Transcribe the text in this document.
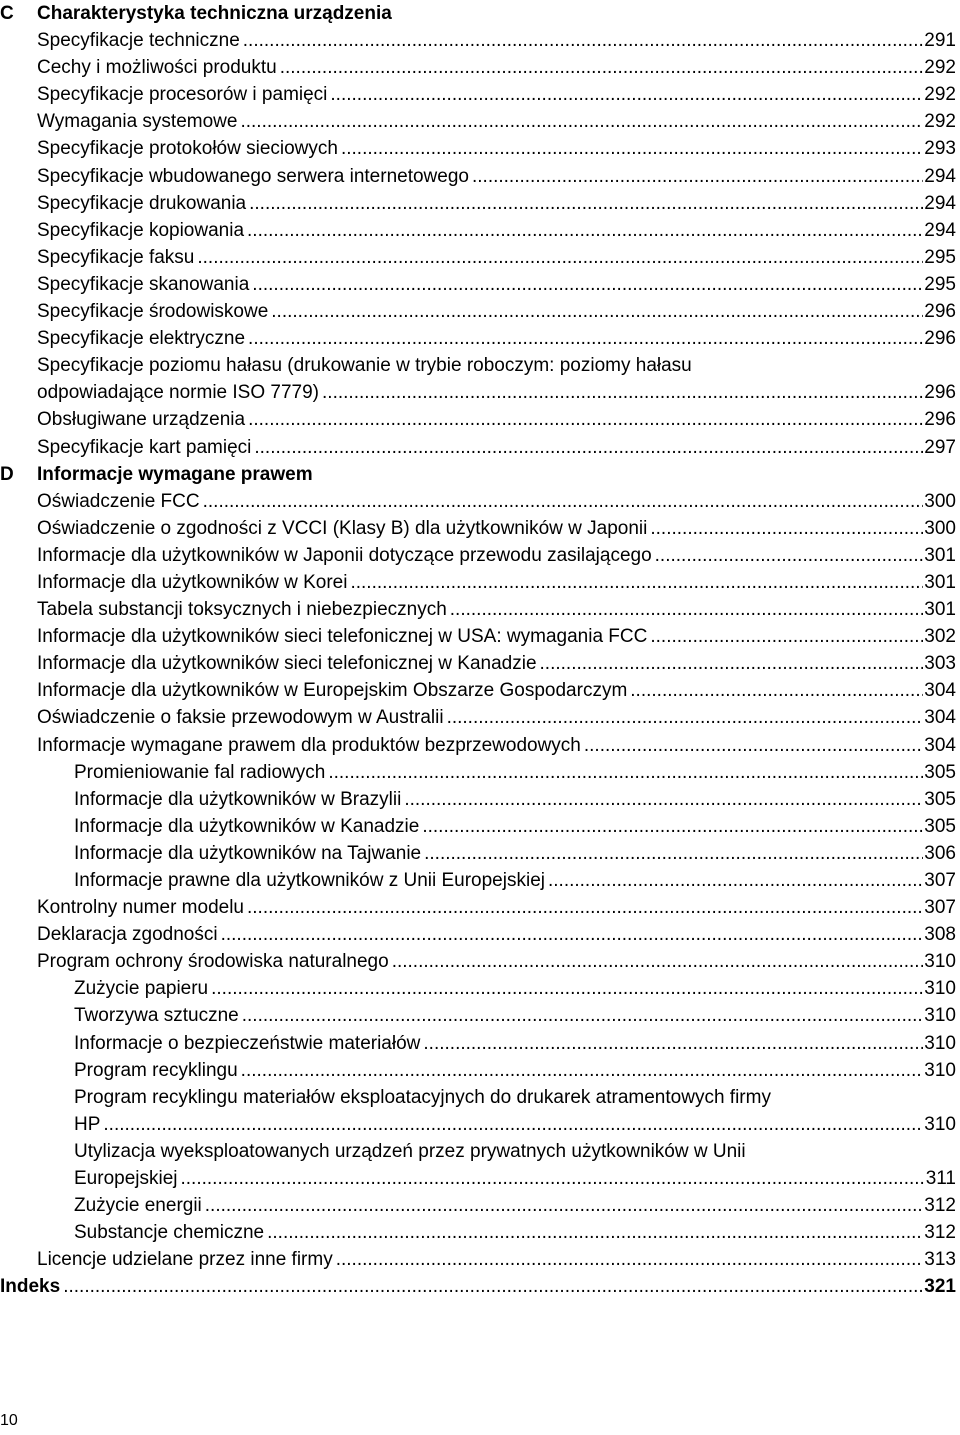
C Charakterystyka techniczna urządzenia
Specyfikacje techniczne .....	291
Cechy i możliwości produktu .....	292
Specyfikacje procesorów i pamięci .....	292
Wymagania systemowe .....	292
Specyfikacje protokołów sieciowych .....	293
Specyfikacje wbudowanego serwera internetowego .....	294
Specyfikacje drukowania .....	294
Specyfikacje kopiowania .....	294
Specyfikacje faksu .....	295
Specyfikacje skanowania .....	295
Specyfikacje środowiskowe .....	296
Specyfikacje elektryczne .....	296
Specyfikacje poziomu hałasu (drukowanie w trybie roboczym: poziomy hałasu
odpowiadające normie ISO 7779) .....	296
Obsługiwane urządzenia .....	296
Specyfikacje kart pamięci .....	297
D Informacje wymagane prawem
Oświadczenie FCC .....	300
Oświadczenie o zgodności z VCCI (Klasy B) dla użytkowników w Japonii .....	300
Informacje dla użytkowników w Japonii dotyczące przewodu zasilającego .....	301
Informacje dla użytkowników w Korei .....	301
Tabela substancji toksycznych i niebezpiecznych .....	301
Informacje dla użytkowników sieci telefonicznej w USA: wymagania FCC .....	302
Informacje dla użytkowników sieci telefonicznej w Kanadzie .....	303
Informacje dla użytkowników w Europejskim Obszarze Gospodarczym .....	304
Oświadczenie o faksie przewodowym w Australii .....	304
Informacje wymagane prawem dla produktów bezprzewodowych .....	304
Promieniowanie fal radiowych .....	305
Informacje dla użytkowników w Brazylii .....	305
Informacje dla użytkowników w Kanadzie .....	305
Informacje dla użytkowników na Tajwanie .....	306
Informacje prawne dla użytkowników z Unii Europejskiej .....	307
Kontrolny numer modelu .....	307
Deklaracja zgodności .....	308
Program ochrony środowiska naturalnego .....	310
Zużycie papieru .....	310
Tworzywa sztuczne .....	310
Informacje o bezpieczeństwie materiałów .....	310
Program recyklingu .....	310
Program recyklingu materiałów eksploatacyjnych do drukarek atramentowych firmy
HP .....	310
Utylizacja wyeksploatowanych urządzeń przez prywatnych użytkowników w Unii
Europejskiej .....	311
Zużycie energii .....	312
Substancje chemiczne .....	312
Licencje udzielane przez inne firmy .....	313
Indeks .....	321
10
